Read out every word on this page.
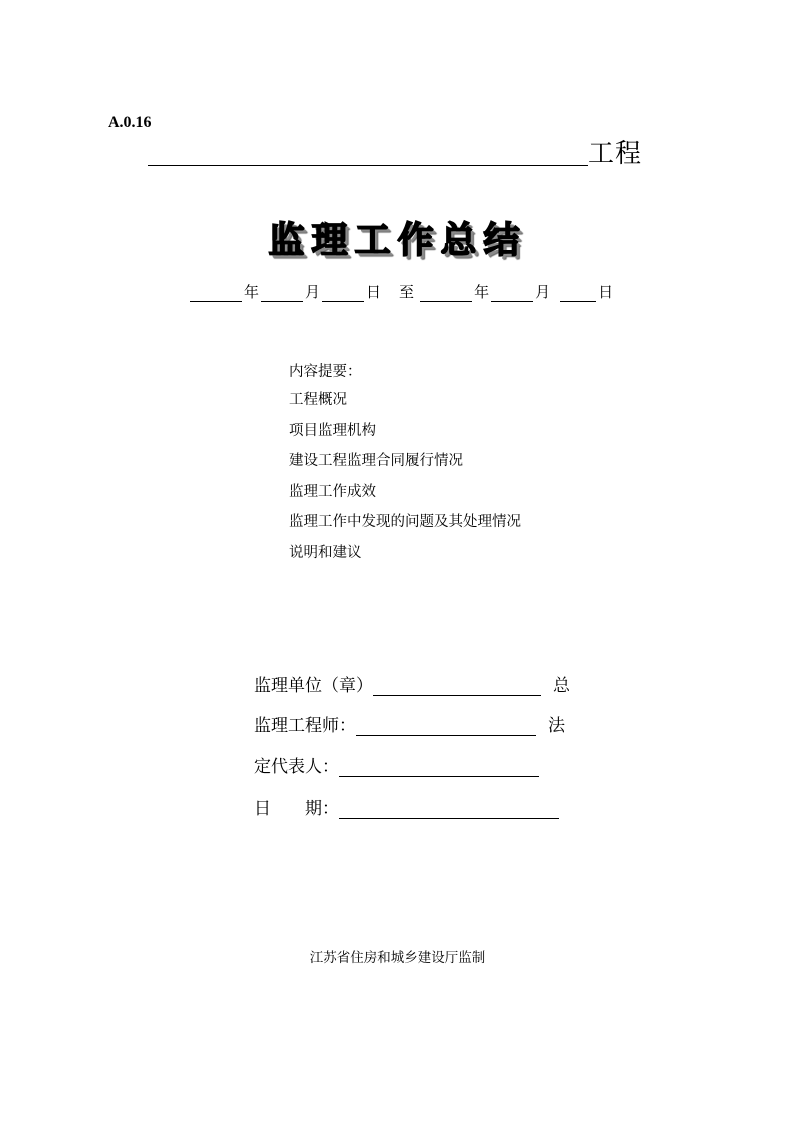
A.0.16
工程
监理工作总结
年	月	日	至	年	月	日
内容提要：
工程概况
项目监理机构
建设工程监理合同履行情况
监理工作成效
监理工作中发现的问题及其处理情况
说明和建议
监理单位（章）	总
监理工程师：	法
定代表人：
日　　期：
江苏省住房和城乡建设厅监制
